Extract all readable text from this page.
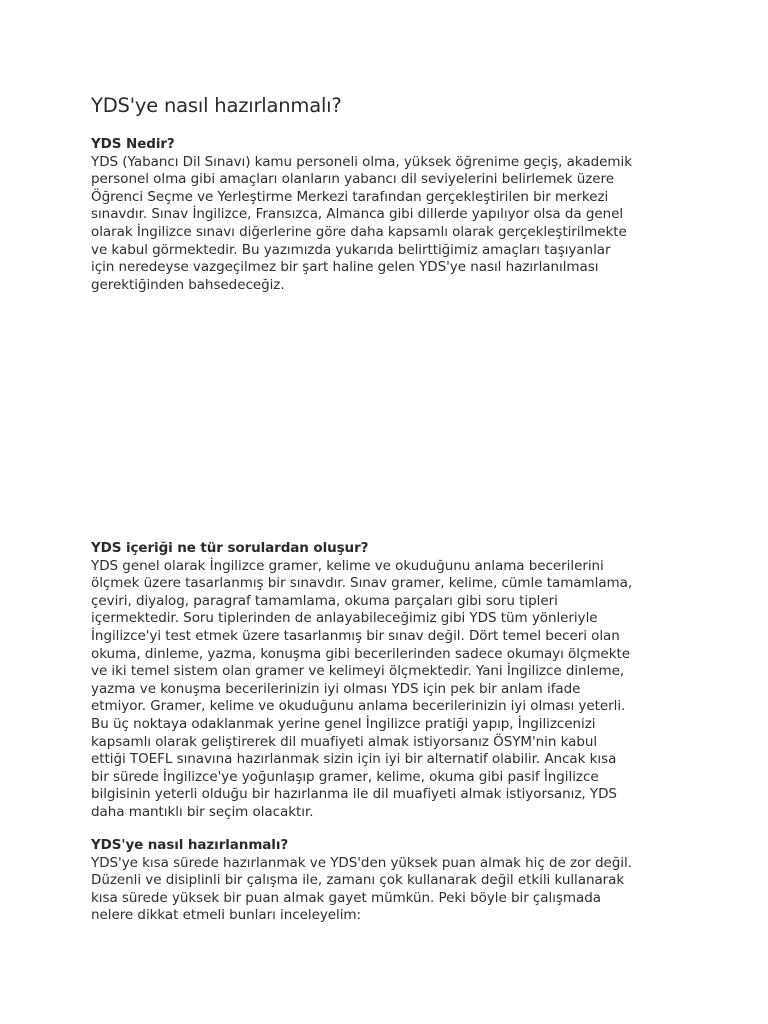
YDS'ye nasıl hazırlanmalı?
YDS Nedir?

YDS (Yabancı Dil Sınavı) kamu personeli olma, yüksek öğrenime geçiş, akademik
personel olma gibi amaçları olanların yabancı dil seviyelerini belirlemek üzere
Öğrenci Seçme ve Yerleştirme Merkezi tarafından gerçekleştirilen bir merkezi
sınavdır. Sınav İngilizce, Fransızca, Almanca gibi dillerde yapılıyor olsa da genel
olarak İngilizce sınavı diğerlerine göre daha kapsamlı olarak gerçekleştirilmekte
ve kabul görmektedir. Bu yazımızda yukarıda belirttiğimiz amaçları taşıyanlar
için neredeyse vazgeçilmez bir şart haline gelen YDS'ye nasıl hazırlanılması
gerektiğinden bahsedeceğiz.

YDS içeriği ne tür sorulardan oluşur?

YDS genel olarak İngilizce gramer, kelime ve okuduğunu anlama becerilerini
ölçmek üzere tasarlanmış bir sınavdır. Sınav gramer, kelime, cümle tamamlama,
çeviri, diyalog, paragraf tamamlama, okuma parçaları gibi soru tipleri
içermektedir. Soru tiplerinden de anlayabileceğimiz gibi YDS tüm yönleriyle
İngilizce'yi test etmek üzere tasarlanmış bir sınav değil. Dört temel beceri olan
okuma, dinleme, yazma, konuşma gibi becerilerinden sadece okumayı ölçmekte
ve iki temel sistem olan gramer ve kelimeyi ölçmektedir. Yani İngilizce dinleme,
yazma ve konuşma becerilerinizin iyi olması YDS için pek bir anlam ifade
etmiyor. Gramer, kelime ve okuduğunu anlama becerilerinizin iyi olması yeterli.
Bu üç noktaya odaklanmak yerine genel İngilizce pratiği yapıp, İngilizcenizi
kapsamlı olarak geliştirerek dil muafiyeti almak istiyorsanız ÖSYM'nin kabul
ettiği TOEFL sınavına hazırlanmak sizin için iyi bir alternatif olabilir. Ancak kısa
bir sürede İngilizce'ye yoğunlaşıp gramer, kelime, okuma gibi pasif İngilizce
bilgisinin yeterli olduğu bir hazırlanma ile dil muafiyeti almak istiyorsanız, YDS
daha mantıklı bir seçim olacaktır.

YDS'ye nasıl hazırlanmalı?

YDS'ye kısa sürede hazırlanmak ve YDS'den yüksek puan almak hiç de zor değil.
Düzenli ve disiplinli bir çalışma ile, zamanı çok kullanarak değil etkili kullanarak
kısa sürede yüksek bir puan almak gayet mümkün. Peki böyle bir çalışmada
nelere dikkat etmeli bunları inceleyelim:
